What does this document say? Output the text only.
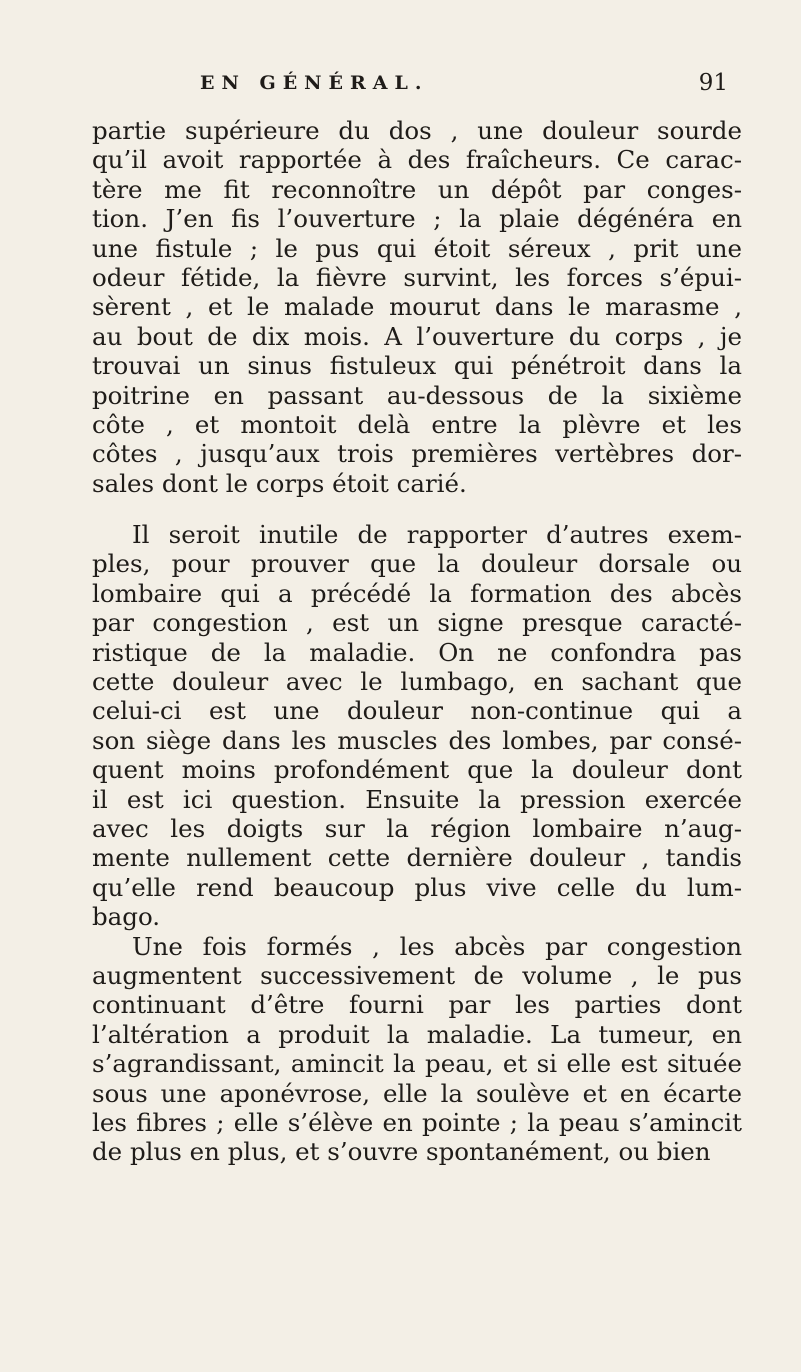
EN GÉNÉRAL.	91
partie supérieure du dos , une douleur sourde
qu’il avoit rapportée à des fraîcheurs. Ce carac-
tère me fit reconnoître un dépôt par conges-
tion. J’en fis l’ouverture ; la plaie dégénéra en
une fistule ; le pus qui étoit séreux , prit une
odeur fétide, la fièvre survint, les forces s’épui-
sèrent , et le malade mourut dans le marasme ,
au bout de dix mois. A l’ouverture du corps , je
trouvai un sinus fistuleux qui pénétroit dans la
poitrine en passant au-dessous de la sixième
côte , et montoit delà entre la plèvre et les
côtes , jusqu’aux trois premières vertèbres dor-
sales dont le corps étoit carié.
Il seroit inutile de rapporter d’autres exem-
ples, pour prouver que la douleur dorsale ou
lombaire qui a précédé la formation des abcès
par congestion , est un signe presque caracté-
ristique de la maladie. On ne confondra pas
cette douleur avec le lumbago, en sachant que
celui-ci est une douleur non-continue qui a
son siège dans les muscles des lombes, par consé-
quent moins profondément que la douleur dont
il est ici question. Ensuite la pression exercée
avec les doigts sur la région lombaire n’aug-
mente nullement cette dernière douleur , tandis
qu’elle rend beaucoup plus vive celle du lum-
bago.
Une fois formés , les abcès par congestion
augmentent successivement de volume , le pus
continuant d’être fourni par les parties dont
l’altération a produit la maladie. La tumeur, en
s’agrandissant, amincit la peau, et si elle est située
sous une aponévrose, elle la soulève et en écarte
les fibres ; elle s’élève en pointe ; la peau s’amincit
de plus en plus, et s’ouvre spontanément, ou bien
